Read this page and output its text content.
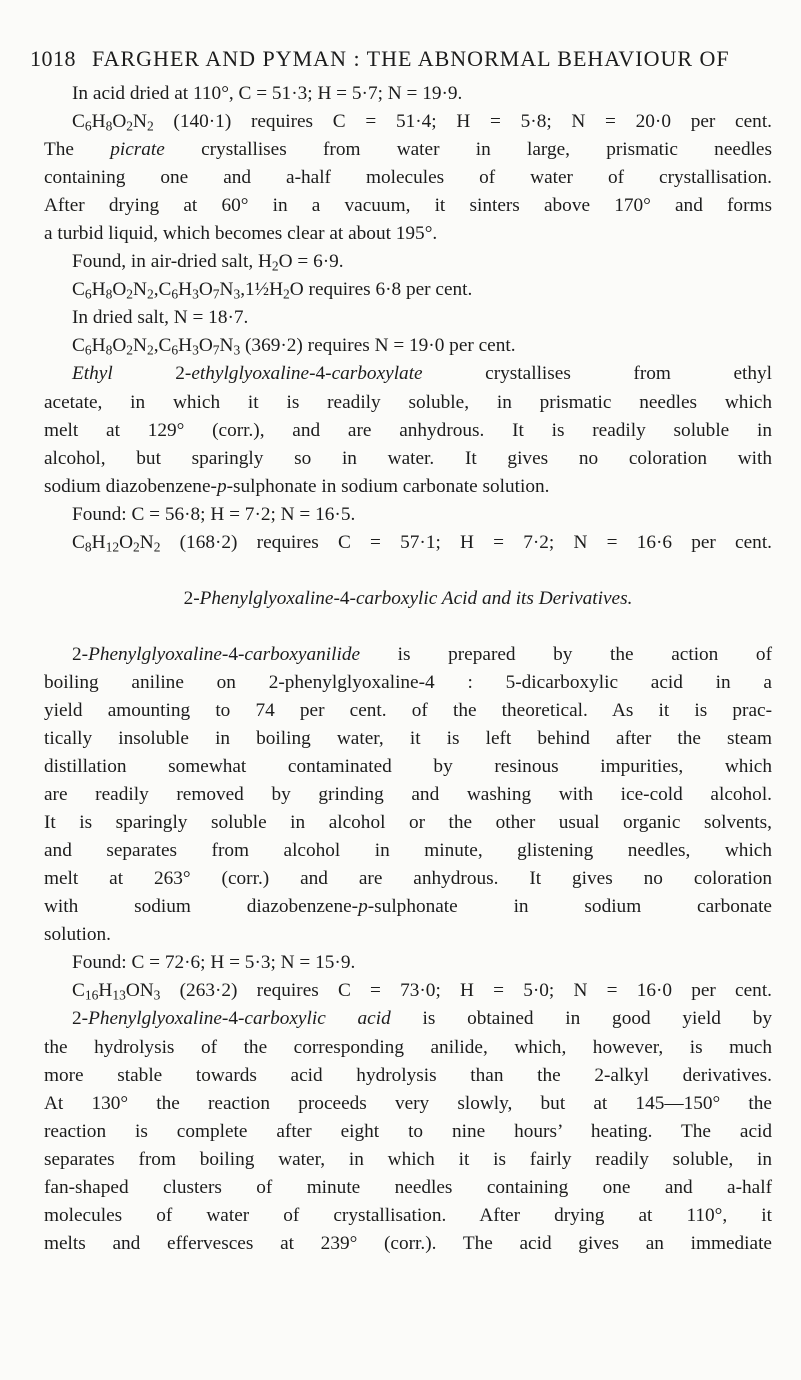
1018 FARGHER AND PYMAN : THE ABNORMAL BEHAVIOUR OF
In acid dried at 110°, C = 51·3; H = 5·7; N = 19·9.
$C_6H_8O_2N_2$ (140·1) requires C = 51·4; H = 5·8; N = 20·0 per cent.
The picrate crystallises from water in large, prismatic needles
containing one and a-half molecules of water of crystallisation.
After drying at 60° in a vacuum, it sinters above 170° and forms
a turbid liquid, which becomes clear at about 195°.
Found, in air-dried salt, $H_2O = 6\cdot 9$.
$C_6H_8O_2N_2,C_6H_3O_7N_3,1\frac{1}{2}H_2O$ requires 6·8 per cent.
In dried salt, N = 18·7.
$C_6H_8O_2N_2,C_6H_3O_7N_3$ (369·2) requires N = 19·0 per cent.
Ethyl 2-ethylglyoxaline-4-carboxylate crystallises from ethyl
acetate, in which it is readily soluble, in prismatic needles which
melt at 129° (corr.), and are anhydrous. It is readily soluble in
alcohol, but sparingly so in water. It gives no coloration with
sodium diazobenzene-p-sulphonate in sodium carbonate solution.
Found: C = 56·8; H = 7·2; N = 16·5.
$C_8H_{12}O_2N_2$ (168·2) requires C = 57·1; H = 7·2; N = 16·6 per cent.
2-Phenylglyoxaline-4-carboxylic Acid and its Derivatives.
2-Phenylglyoxaline-4-carboxyanilide is prepared by the action of
boiling aniline on 2-phenylglyoxaline-4 : 5-dicarboxylic acid in a
yield amounting to 74 per cent. of the theoretical. As it is prac-
tically insoluble in boiling water, it is left behind after the steam
distillation somewhat contaminated by resinous impurities, which
are readily removed by grinding and washing with ice-cold alcohol.
It is sparingly soluble in alcohol or the other usual organic solvents,
and separates from alcohol in minute, glistening needles, which
melt at 263° (corr.) and are anhydrous. It gives no coloration
with sodium diazobenzene-p-sulphonate in sodium carbonate
solution.
Found: C = 72·6; H = 5·3; N = 15·9.
$C_{16}H_{13}ON_3$ (263·2) requires C = 73·0; H = 5·0; N = 16·0 per cent.
2-Phenylglyoxaline-4-carboxylic acid is obtained in good yield by
the hydrolysis of the corresponding anilide, which, however, is much
more stable towards acid hydrolysis than the 2-alkyl derivatives.
At 130° the reaction proceeds very slowly, but at 145—150° the
reaction is complete after eight to nine hours’ heating. The acid
separates from boiling water, in which it is fairly readily soluble, in
fan-shaped clusters of minute needles containing one and a-half
molecules of water of crystallisation. After drying at 110°, it
melts and effervesces at 239° (corr.). The acid gives an immediate
